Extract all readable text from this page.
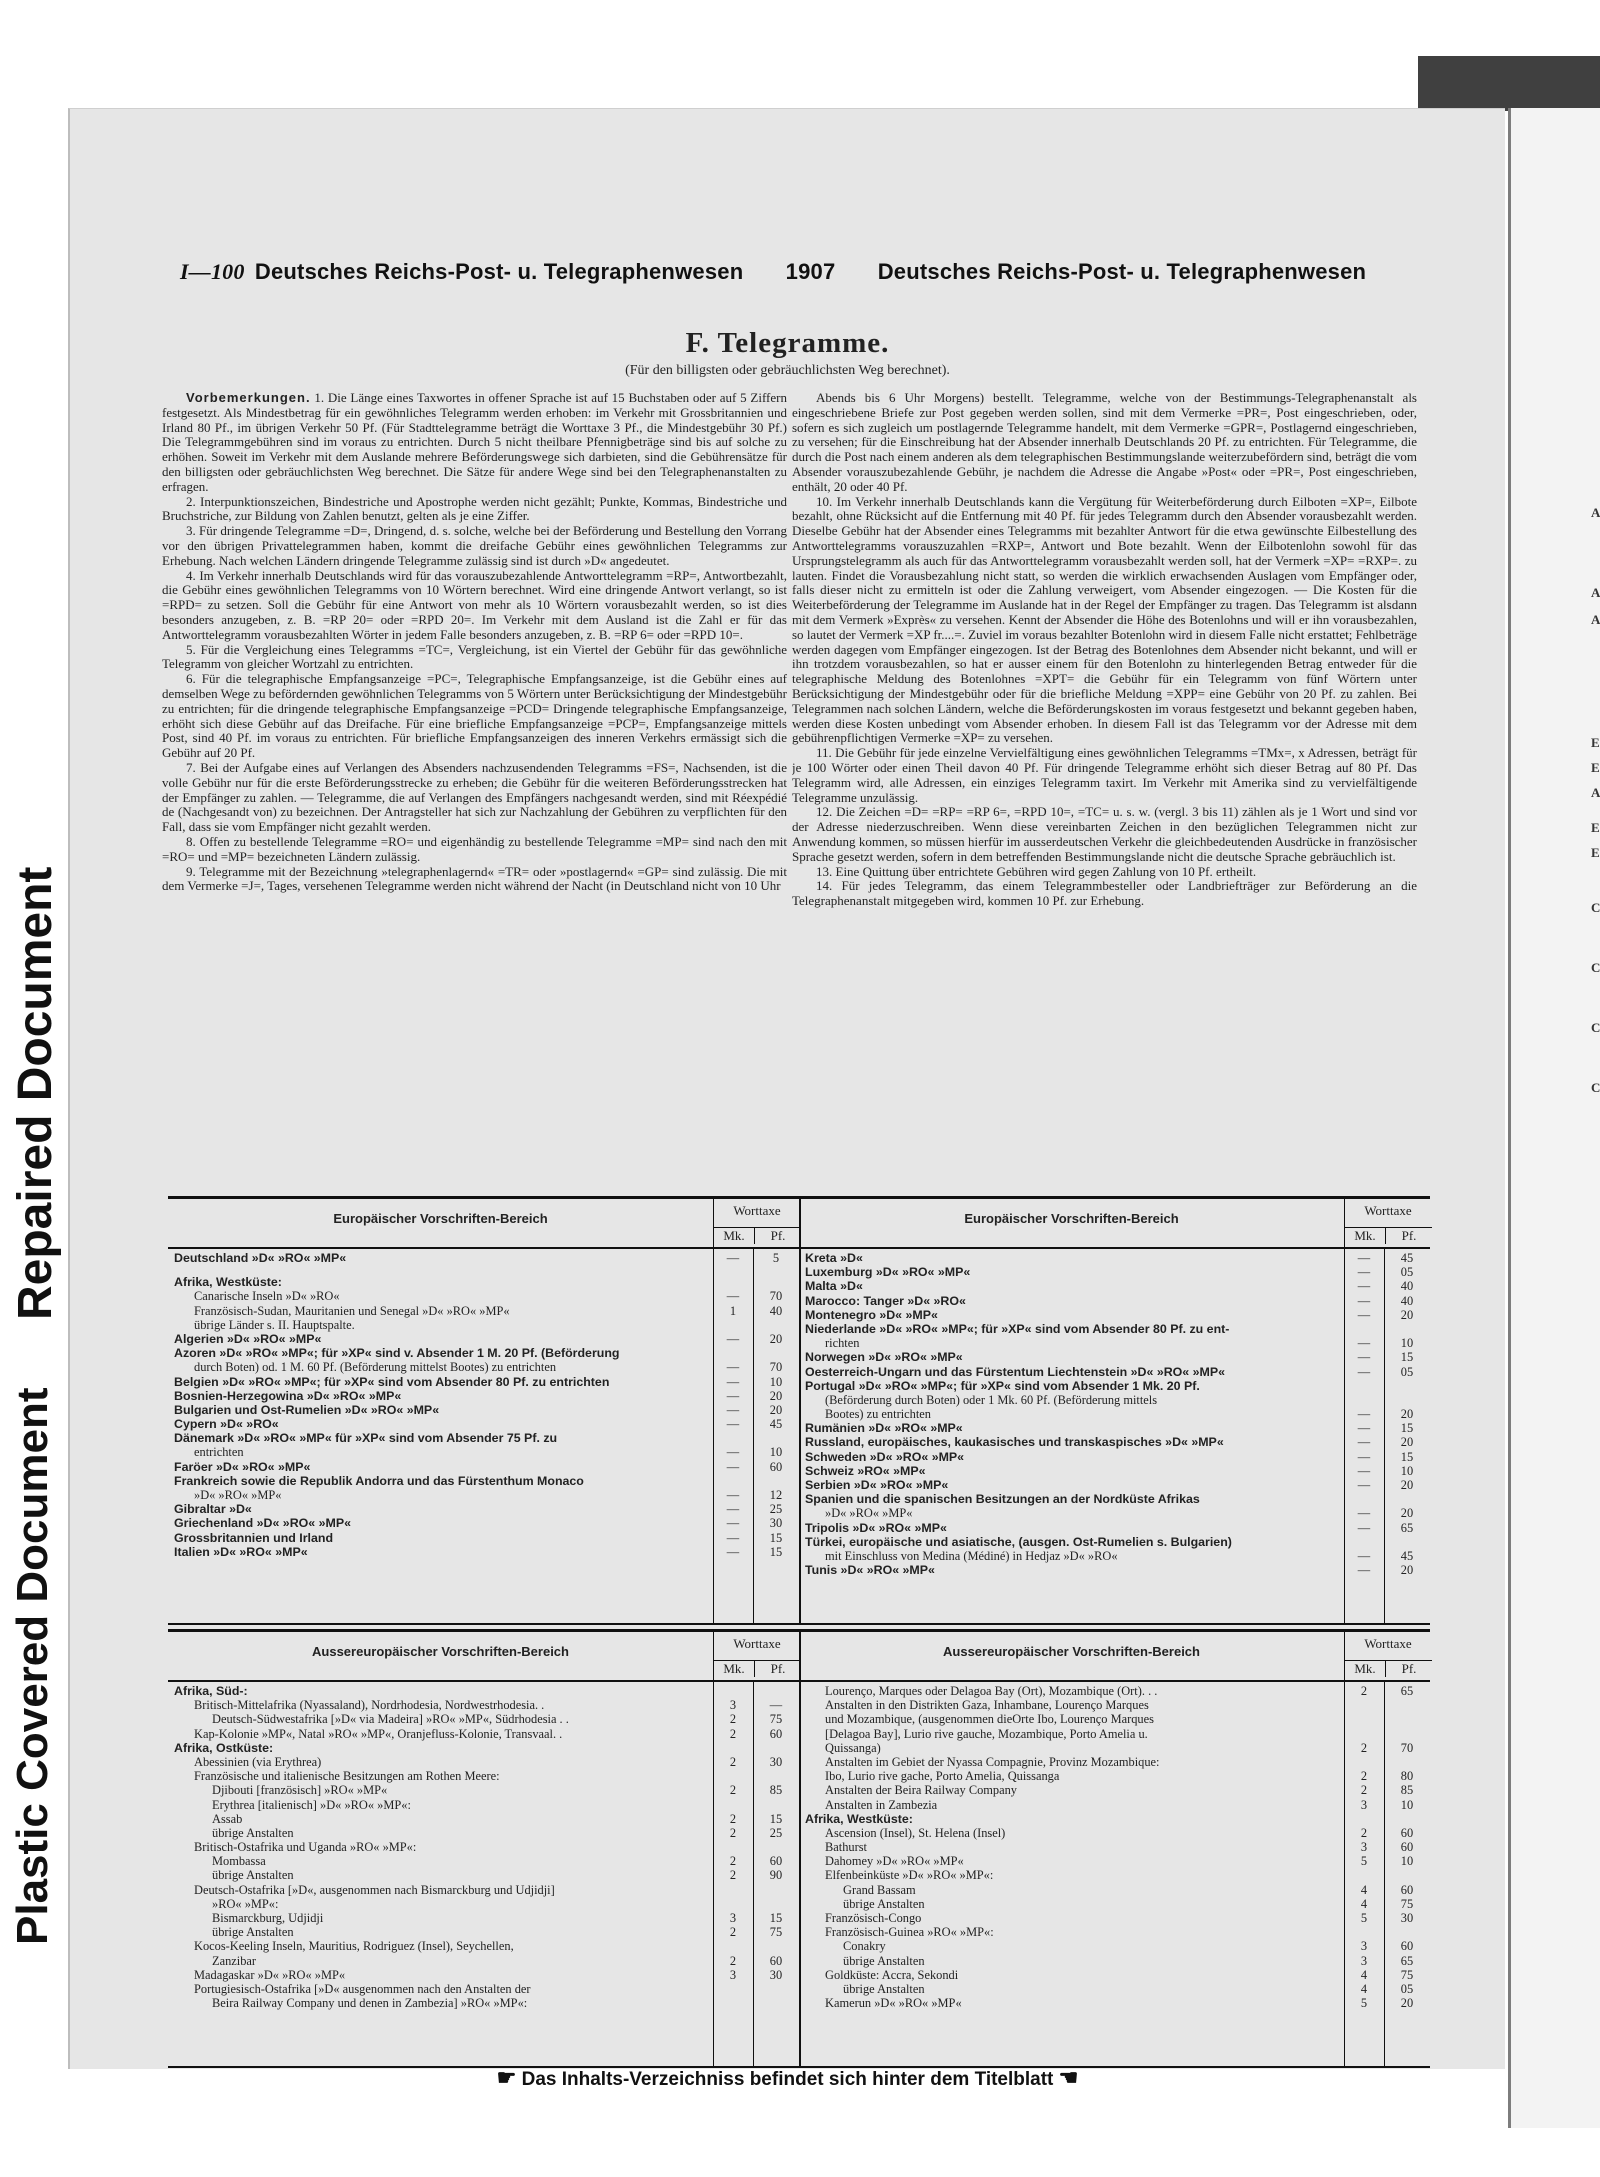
Repaired Document
Plastic Covered Document
A
A
A
E
E
A
E
E
C
C
C
C
I—100 Deutsches Reichs-Post- u. Telegraphenwesen 1907 Deutsches Reichs-Post- u. Telegraphenwesen
F. Telegramme.
(Für den billigsten oder gebräuchlichsten Weg berechnet).

Vorbemerkungen. 1. Die Länge eines Taxwortes in offener Sprache ist auf 15 Buchstaben oder auf 5 Ziffern festgesetzt. Als Mindestbetrag für ein gewöhnliches Telegramm werden erhoben: im Verkehr mit Grossbritannien und Irland 80 Pf., im übrigen Verkehr 50 Pf. (Für Stadttelegramme beträgt die Worttaxe 3 Pf., die Mindestgebühr 30 Pf.) Die Telegrammgebühren sind im voraus zu entrichten. Durch 5 nicht theilbare Pfennigbeträge sind bis auf solche zu erhöhen. Soweit im Verkehr mit dem Auslande mehrere Beförderungswege sich darbieten, sind die Gebührensätze für den billigsten oder gebräuchlichsten Weg berechnet. Die Sätze für andere Wege sind bei den Telegraphenanstalten zu erfragen.

2. Interpunktionszeichen, Bindestriche und Apostrophe werden nicht gezählt; Punkte, Kommas, Bindestriche und Bruchstriche, zur Bildung von Zahlen benutzt, gelten als je eine Ziffer.

3. Für dringende Telegramme =D=, Dringend, d. s. solche, welche bei der Beförderung und Bestellung den Vorrang vor den übrigen Privattelegrammen haben, kommt die dreifache Gebühr eines gewöhnlichen Telegramms zur Erhebung. Nach welchen Ländern dringende Telegramme zulässig sind ist durch »D« angedeutet.

4. Im Verkehr innerhalb Deutschlands wird für das vorauszubezahlende Antworttelegramm =RP=, Antwortbezahlt, die Gebühr eines gewöhnlichen Telegramms von 10 Wörtern berechnet. Wird eine dringende Antwort verlangt, so ist =RPD= zu setzen. Soll die Gebühr für eine Antwort von mehr als 10 Wörtern vorausbezahlt werden, so ist dies besonders anzugeben, z. B. =RP 20= oder =RPD 20=. Im Verkehr mit dem Ausland ist die Zahl er für das Antworttelegramm vorausbezahlten Wörter in jedem Falle besonders anzugeben, z. B. =RP 6= oder =RPD 10=.

5. Für die Vergleichung eines Telegramms =TC=, Vergleichung, ist ein Viertel der Gebühr für das gewöhnliche Telegramm von gleicher Wortzahl zu entrichten.

6. Für die telegraphische Empfangsanzeige =PC=, Telegraphische Empfangsanzeige, ist die Gebühr eines auf demselben Wege zu befördernden gewöhnlichen Telegramms von 5 Wörtern unter Berücksichtigung der Mindestgebühr zu entrichten; für die dringende telegraphische Empfangsanzeige =PCD= Dringende telegraphische Empfangsanzeige, erhöht sich diese Gebühr auf das Dreifache. Für eine briefliche Empfangsanzeige =PCP=, Empfangsanzeige mittels Post, sind 40 Pf. im voraus zu entrichten. Für briefliche Empfangsanzeigen des inneren Verkehrs ermässigt sich die Gebühr auf 20 Pf.

7. Bei der Aufgabe eines auf Verlangen des Absenders nachzusendenden Telegramms =FS=, Nachsenden, ist die volle Gebühr nur für die erste Beförderungsstrecke zu erheben; die Gebühr für die weiteren Beförderungsstrecken hat der Empfänger zu zahlen. — Telegramme, die auf Verlangen des Empfängers nachgesandt werden, sind mit Réexpédié de (Nachgesandt von) zu bezeichnen. Der Antragsteller hat sich zur Nachzahlung der Gebühren zu verpflichten für den Fall, dass sie vom Empfänger nicht gezahlt werden.

8. Offen zu bestellende Telegramme =RO= und eigenhändig zu bestellende Telegramme =MP= sind nach den mit =RO= und =MP= bezeichneten Ländern zulässig.

9. Telegramme mit der Bezeichnung »telegraphenlagernd« =TR= oder »postlagernd« =GP= sind zulässig. Die mit dem Vermerke =J=, Tages, versehenen Telegramme werden nicht während der Nacht (in Deutschland nicht von 10 Uhr

Abends bis 6 Uhr Morgens) bestellt. Telegramme, welche von der Bestimmungs-Telegraphenanstalt als eingeschriebene Briefe zur Post gegeben werden sollen, sind mit dem Vermerke =PR=, Post eingeschrieben, oder, sofern es sich zugleich um postlagernde Telegramme handelt, mit dem Vermerke =GPR=, Postlagernd eingeschrieben, zu versehen; für die Einschreibung hat der Absender innerhalb Deutschlands 20 Pf. zu entrichten. Für Telegramme, die durch die Post nach einem anderen als dem telegraphischen Bestimmungslande weiterzubefördern sind, beträgt die vom Absender vorauszubezahlende Gebühr, je nachdem die Adresse die Angabe »Post« oder =PR=, Post eingeschrieben, enthält, 20 oder 40 Pf.

10. Im Verkehr innerhalb Deutschlands kann die Vergütung für Weiterbeförderung durch Eilboten =XP=, Eilbote bezahlt, ohne Rücksicht auf die Entfernung mit 40 Pf. für jedes Telegramm durch den Absender vorausbezahlt werden. Dieselbe Gebühr hat der Absender eines Telegramms mit bezahlter Antwort für die etwa gewünschte Eilbestellung des Antworttelegramms vorauszuzahlen =RXP=, Antwort und Bote bezahlt. Wenn der Eilbotenlohn sowohl für das Ursprungstelegramm als auch für das Antworttelegramm vorausbezahlt werden soll, hat der Vermerk =XP= =RXP=. zu lauten. Findet die Vorausbezahlung nicht statt, so werden die wirklich erwachsenden Auslagen vom Empfänger oder, falls dieser nicht zu ermitteln ist oder die Zahlung verweigert, vom Absender eingezogen. — Die Kosten für die Weiterbeförderung der Telegramme im Auslande hat in der Regel der Empfänger zu tragen. Das Telegramm ist alsdann mit dem Vermerk »Exprès« zu versehen. Kennt der Absender die Höhe des Botenlohns und will er ihn vorausbezahlen, so lautet der Vermerk =XP fr....=. Zuviel im voraus bezahlter Botenlohn wird in diesem Falle nicht erstattet; Fehlbeträge werden dagegen vom Empfänger eingezogen. Ist der Betrag des Botenlohnes dem Absender nicht bekannt, und will er ihn trotzdem vorausbezahlen, so hat er ausser einem für den Botenlohn zu hinterlegenden Betrag entweder für die telegraphische Meldung des Botenlohnes =XPT= die Gebühr für ein Telegramm von fünf Wörtern unter Berücksichtigung der Mindestgebühr oder für die briefliche Meldung =XPP= eine Gebühr von 20 Pf. zu zahlen. Bei Telegrammen nach solchen Ländern, welche die Beförderungskosten im voraus festgesetzt und bekannt gegeben haben, werden diese Kosten unbedingt vom Absender erhoben. In diesem Fall ist das Telegramm vor der Adresse mit dem gebührenpflichtigen Vermerke =XP= zu versehen.

11. Die Gebühr für jede einzelne Vervielfältigung eines gewöhnlichen Telegramms =TMx=, x Adressen, beträgt für je 100 Wörter oder einen Theil davon 40 Pf. Für dringende Telegramme erhöht sich dieser Betrag auf 80 Pf. Das Telegramm wird, alle Adressen, ein einziges Telegramm taxirt. Im Verkehr mit Amerika sind zu vervielfältigende Telegramme unzulässig.

12. Die Zeichen =D= =RP= =RP 6=, =RPD 10=, =TC= u. s. w. (vergl. 3 bis 11) zählen als je 1 Wort und sind vor der Adresse niederzuschreiben. Wenn diese vereinbarten Zeichen in den bezüglichen Telegrammen nicht zur Anwendung kommen, so müssen hierfür im ausserdeutschen Verkehr die gleichbedeutenden Ausdrücke in französischer Sprache gesetzt werden, sofern in dem betreffenden Bestimmungslande nicht die deutsche Sprache gebräuchlich ist.

13. Eine Quittung über entrichtete Gebühren wird gegen Zahlung von 10 Pf. ertheilt.

14. Für jedes Telegramm, das einem Telegrammbesteller oder Landbriefträger zur Beförderung an die Telegraphenanstalt mitgegeben wird, kommen 10 Pf. zur Erhebung.

Europäischer Vorschriften-Bereich
Worttaxe
Mk.	Pf.
Deutschland »D« »RO« »MP«	—	5
Afrika, Westküste:
Canarische Inseln »D« »RO«	—	70
Französisch-Sudan, Mauritanien und Senegal »D« »RO« »MP«	1	40
übrige Länder s. II. Hauptspalte.
Algerien »D« »RO« »MP«	—	20
Azoren »D« »RO« »MP«; für »XP« sind v. Absender 1 M. 20 Pf. (Beförderung
durch Boten) od. 1 M. 60 Pf. (Beförderung mittelst Bootes) zu entrichten	—	70
Belgien »D« »RO« »MP«; für »XP« sind vom Absender 80 Pf. zu entrichten	—	10
Bosnien-Herzegowina »D« »RO« »MP«	—	20
Bulgarien und Ost-Rumelien »D« »RO« »MP«	—	20
Cypern »D« »RO«	—	45
Dänemark »D« »RO« »MP« für »XP« sind vom Absender 75 Pf. zu
entrichten	—	10
Faröer »D« »RO« »MP«	—	60
Frankreich sowie die Republik Andorra und das Fürstenthum Monaco
»D« »RO« »MP«	—	12
Gibraltar »D«	—	25
Griechenland »D« »RO« »MP«	—	30
Grossbritannien und Irland	—	15
Italien »D« »RO« »MP«	—	15
Europäischer Vorschriften-Bereich
Worttaxe
Mk.	Pf.
Kreta »D«	—	45
Luxemburg »D« »RO« »MP«	—	05
Malta »D«	—	40
Marocco: Tanger »D« »RO«	—	40
Montenegro »D« »MP«	—	20
Niederlande »D« »RO« »MP«; für »XP« sind vom Absender 80 Pf. zu ent-
richten	—	10
Norwegen »D« »RO« »MP«	—	15
Oesterreich-Ungarn und das Fürstentum Liechtenstein »D« »RO« »MP«	—	05
Portugal »D« »RO« »MP«; für »XP« sind vom Absender 1 Mk. 20 Pf.
(Beförderung durch Boten) oder 1 Mk. 60 Pf. (Beförderung mittels
Bootes) zu entrichten	—	20
Rumänien »D« »RO« »MP«	—	15
Russland, europäisches, kaukasisches und transkaspisches »D« »MP«	—	20
Schweden »D« »RO« »MP«	—	15
Schweiz »RO« »MP«	—	10
Serbien »D« »RO« »MP«	—	20
Spanien und die spanischen Besitzungen an der Nordküste Afrikas
»D« »RO« »MP«	—	20
Tripolis »D« »RO« »MP«	—	65
Türkei, europäische und asiatische, (ausgen. Ost-Rumelien s. Bulgarien)
mit Einschluss von Medina (Médiné) in Hedjaz »D« »RO«	—	45
Tunis »D« »RO« »MP«	—	20
Aussereuropäischer Vorschriften-Bereich
Worttaxe
Mk.	Pf.
Afrika, Süd-:
Britisch-Mittelafrika (Nyassaland), Nordrhodesia, Nordwestrhodesia. .	3	—
Deutsch-Südwestafrika [»D« via Madeira] »RO« »MP«, Südrhodesia . .	2	75
Kap-Kolonie »MP«, Natal »RO« »MP«, Oranjefluss-Kolonie, Transvaal. .	2	60
Afrika, Ostküste:
Abessinien (via Erythrea)	2	30
Französische und italienische Besitzungen am Rothen Meere:
Djibouti [französisch] »RO« »MP«	2	85
Erythrea [italienisch] »D« »RO« »MP«:
Assab	2	15
übrige Anstalten	2	25
Britisch-Ostafrika und Uganda »RO« »MP«:
Mombassa	2	60
übrige Anstalten	2	90
Deutsch-Ostafrika [»D«, ausgenommen nach Bismarckburg und Udjidji]
»RO« »MP«:
Bismarckburg, Udjidji	3	15
übrige Anstalten	2	75
Kocos-Keeling Inseln, Mauritius, Rodriguez (Insel), Seychellen,
Zanzibar	2	60
Madagaskar »D« »RO« »MP«	3	30
Portugiesisch-Ostafrika [»D« ausgenommen nach den Anstalten der
Beira Railway Company und denen in Zambezia] »RO« »MP«:
Aussereuropäischer Vorschriften-Bereich
Worttaxe
Mk.	Pf.
Lourenço, Marques oder Delagoa Bay (Ort), Mozambique (Ort). . .	2	65
Anstalten in den Distrikten Gaza, Inhambane, Lourenço Marques
und Mozambique, (ausgenommen dieOrte Ibo, Lourenço Marques
[Delagoa Bay], Lurio rive gauche, Mozambique, Porto Amelia u.
Quissanga)	2	70
Anstalten im Gebiet der Nyassa Compagnie, Provinz Mozambique:
Ibo, Lurio rive gache, Porto Amelia, Quissanga	2	80
Anstalten der Beira Railway Company	2	85
Anstalten in Zambezia	3	10
Afrika, Westküste:
Ascension (Insel), St. Helena (Insel)	2	60
Bathurst	3	60
Dahomey »D« »RO« »MP«	5	10
Elfenbeinküste »D« »RO« »MP«:
Grand Bassam	4	60
übrige Anstalten	4	75
Französisch-Congo	5	30
Französisch-Guinea »RO« »MP«:
Conakry	3	60
übrige Anstalten	3	65
Goldküste: Accra, Sekondi	4	75
übrige Anstalten	4	05
Kamerun »D« »RO« »MP«	5	20
☛ Das Inhalts-Verzeichniss befindet sich hinter dem Titelblatt ☚
